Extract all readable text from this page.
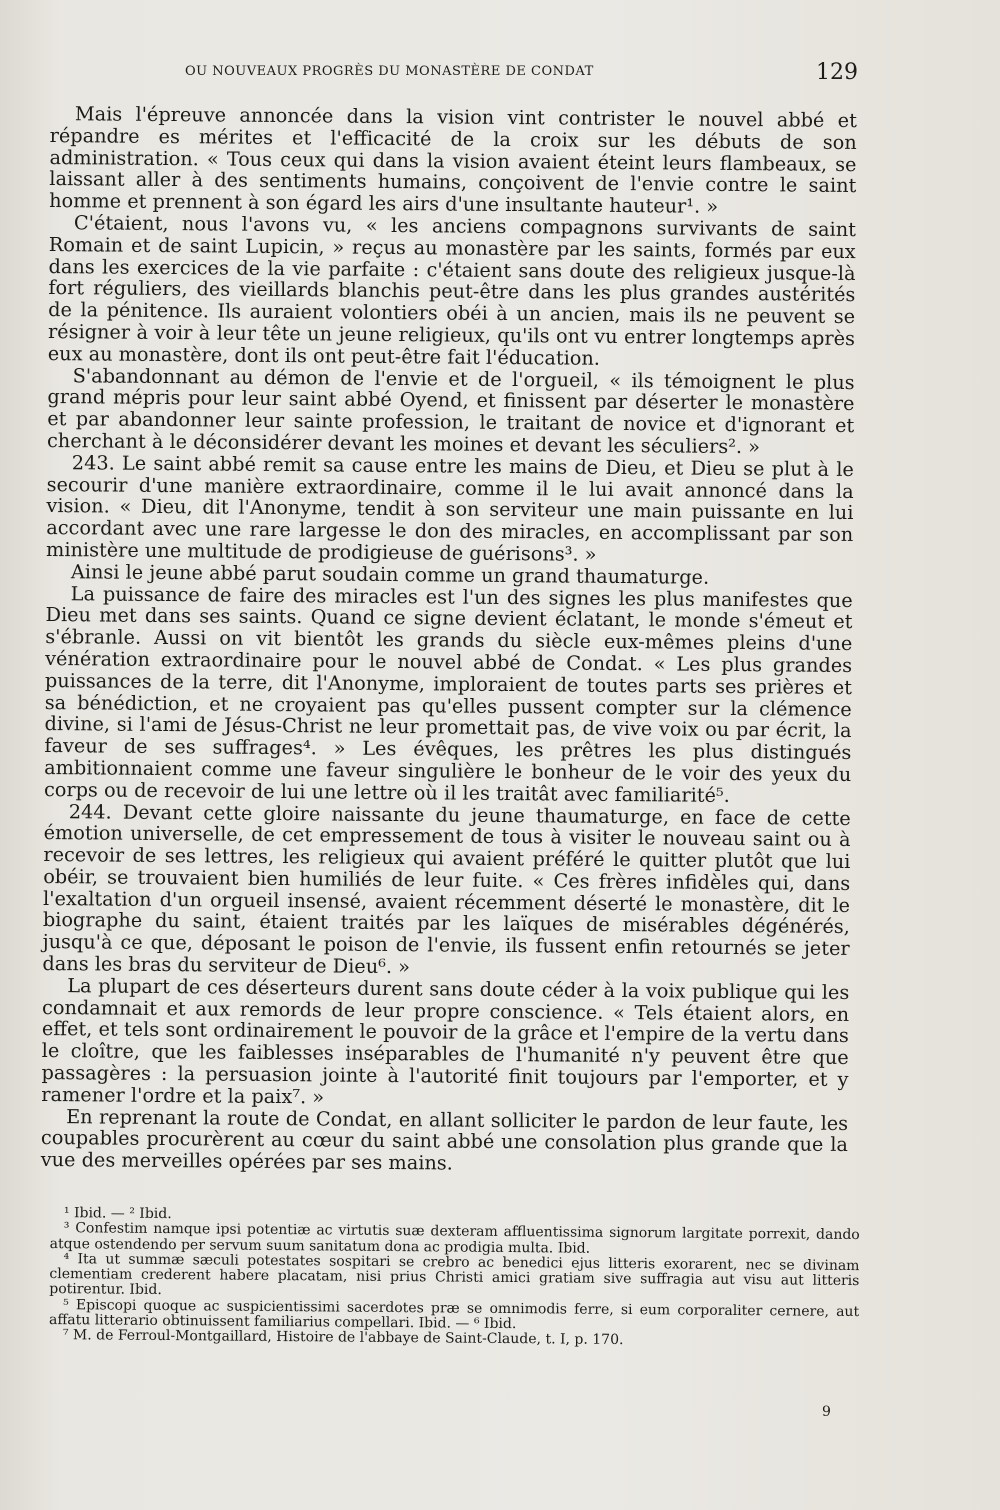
OU NOUVEAUX PROGRÈS DU MONASTÈRE DE CONDAT	129

Mais l'épreuve annoncée dans la vision vint contrister le nouvel abbé et répandre es mérites et l'efficacité de la croix sur les débuts de son administration. « Tous ceux qui dans la vision avaient éteint leurs flambeaux, se laissant aller à des sentiments humains, conçoivent de l'envie contre le saint homme et prennent à son égard les airs d'une insultante hauteur¹. »

C'étaient, nous l'avons vu, « les anciens compagnons survivants de saint Romain et de saint Lupicin, » reçus au monastère par les saints, formés par eux dans les exercices de la vie parfaite : c'étaient sans doute des religieux jusque-là fort réguliers, des vieillards blanchis peut-être dans les plus grandes austérités de la pénitence. Ils auraient volontiers obéi à un ancien, mais ils ne peuvent se résigner à voir à leur tête un jeune religieux, qu'ils ont vu entrer longtemps après eux au monastère, dont ils ont peut-être fait l'éducation.

S'abandonnant au démon de l'envie et de l'orgueil, « ils témoignent le plus grand mépris pour leur saint abbé Oyend, et finissent par déserter le monastère et par abandonner leur sainte profession, le traitant de novice et d'ignorant et cherchant à le déconsidérer devant les moines et devant les séculiers². »

243. Le saint abbé remit sa cause entre les mains de Dieu, et Dieu se plut à le secourir d'une manière extraordinaire, comme il le lui avait annoncé dans la vision. « Dieu, dit l'Anonyme, tendit à son serviteur une main puissante en lui accordant avec une rare largesse le don des miracles, en accomplissant par son ministère une multitude de prodigieuse de guérisons³. »

Ainsi le jeune abbé parut soudain comme un grand thaumaturge.

La puissance de faire des miracles est l'un des signes les plus manifestes que Dieu met dans ses saints. Quand ce signe devient éclatant, le monde s'émeut et s'ébranle. Aussi on vit bientôt les grands du siècle eux-mêmes pleins d'une vénération extraordinaire pour le nouvel abbé de Condat. « Les plus grandes puissances de la terre, dit l'Anonyme, imploraient de toutes parts ses prières et sa bénédiction, et ne croyaient pas qu'elles pussent compter sur la clémence divine, si l'ami de Jésus-Christ ne leur promettait pas, de vive voix ou par écrit, la faveur de ses suffrages⁴. » Les évêques, les prêtres les plus distingués ambitionnaient comme une faveur singulière le bonheur de le voir des yeux du corps ou de recevoir de lui une lettre où il les traitât avec familiarité⁵.

244. Devant cette gloire naissante du jeune thaumaturge, en face de cette émotion universelle, de cet empressement de tous à visiter le nouveau saint ou à recevoir de ses lettres, les religieux qui avaient préféré le quitter plutôt que lui obéir, se trouvaient bien humiliés de leur fuite. « Ces frères infidèles qui, dans l'exaltation d'un orgueil insensé, avaient récemment déserté le monastère, dit le biographe du saint, étaient traités par les laïques de misérables dégénérés, jusqu'à ce que, déposant le poison de l'envie, ils fussent enfin retournés se jeter dans les bras du serviteur de Dieu⁶. »

La plupart de ces déserteurs durent sans doute céder à la voix publique qui les condamnait et aux remords de leur propre conscience. « Tels étaient alors, en effet, et tels sont ordinairement le pouvoir de la grâce et l'empire de la vertu dans le cloître, que les faiblesses inséparables de l'humanité n'y peuvent être que passagères : la persuasion jointe à l'autorité finit toujours par l'emporter, et y ramener l'ordre et la paix⁷. »

En reprenant la route de Condat, en allant solliciter le pardon de leur faute, les coupables procurèrent au cœur du saint abbé une consolation plus grande que la vue des merveilles opérées par ses mains.

¹ Ibid. — ² Ibid.

³ Confestim namque ipsi potentiæ ac virtutis suæ dexteram affluentissima signorum largitate porrexit, dando atque ostendendo per servum suum sanitatum dona ac prodigia multa. Ibid.

⁴ Ita ut summæ sæculi potestates sospitari se crebro ac benedici ejus litteris exorarent, nec se divinam clementiam crederent habere placatam, nisi prius Christi amici gratiam sive suffragia aut visu aut litteris potirentur. Ibid.

⁵ Episcopi quoque ac suspicientissimi sacerdotes præ se omnimodis ferre, si eum corporaliter cernere, aut affatu litterario obtinuissent familiarius compellari. Ibid. — ⁶ Ibid.

⁷ M. de Ferroul-Montgaillard, Histoire de l'abbaye de Saint-Claude, t. I, p. 170.

9
